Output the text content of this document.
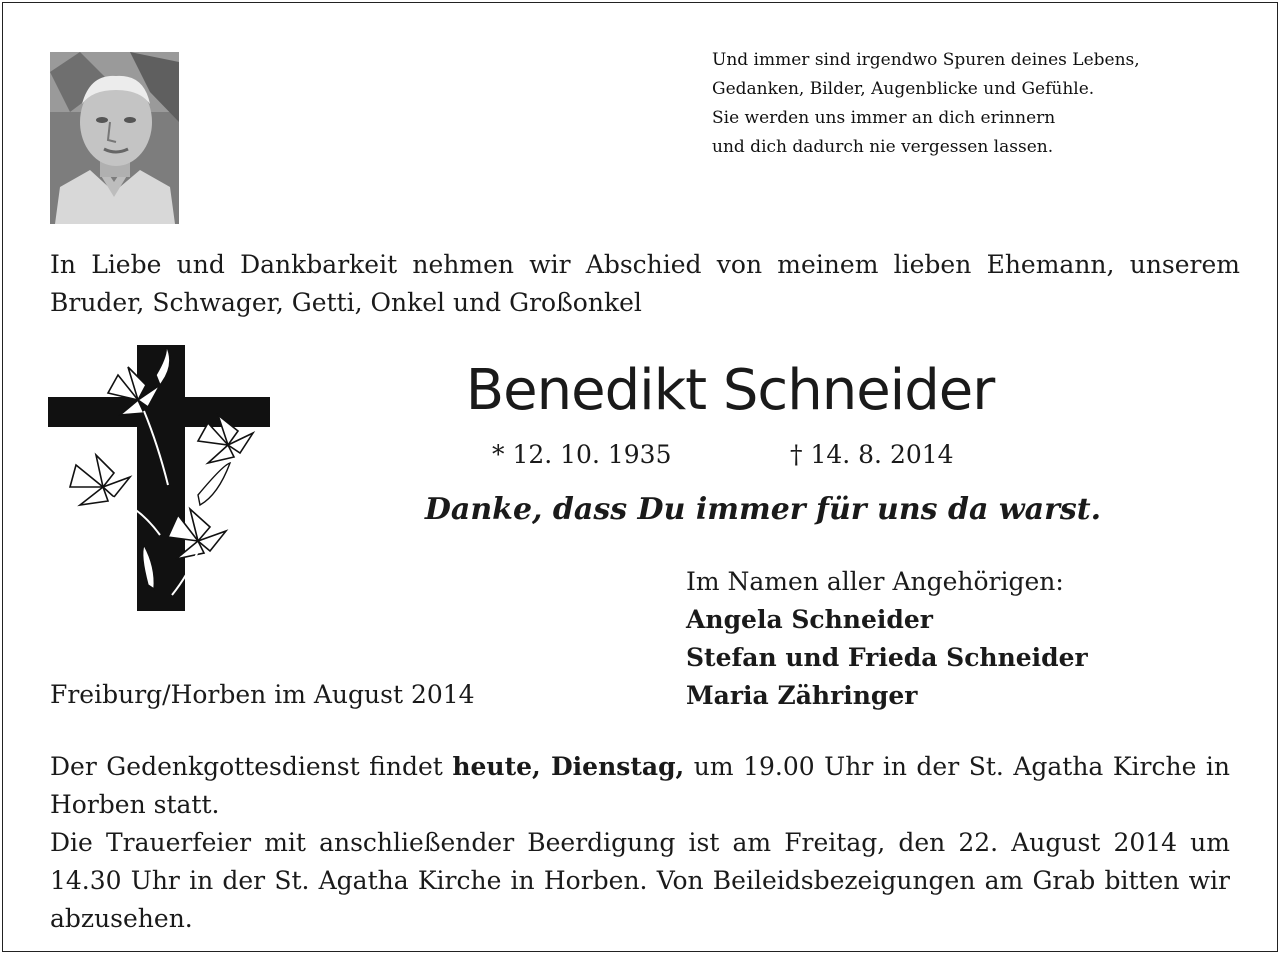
Und immer sind irgendwo Spuren deines Lebens,
Gedanken, Bilder, Augenblicke und Gefühle.
Sie werden uns immer an dich erinnern
und dich dadurch nie vergessen lassen.
In Liebe und Dankbarkeit nehmen wir Abschied von meinem lieben Ehemann, unserem Bruder, Schwager, Getti, Onkel und Großonkel
Benedikt Schneider
* 12. 10. 1935	† 14. 8. 2014
Danke, dass Du immer für uns da warst.
Im Namen aller Angehörigen:
Angela Schneider
Stefan und Frieda Schneider
Maria Zähringer
Freiburg/Horben im August 2014

Der Gedenkgottesdienst findet heute, Dienstag, um 19.00 Uhr in der St. Agatha Kirche in Horben statt.

Die Trauerfeier mit anschließender Beerdigung ist am Freitag, den 22. August 2014 um 14.30 Uhr in der St. Agatha Kirche in Horben. Von Beileidsbezeigungen am Grab bitten wir abzusehen.
